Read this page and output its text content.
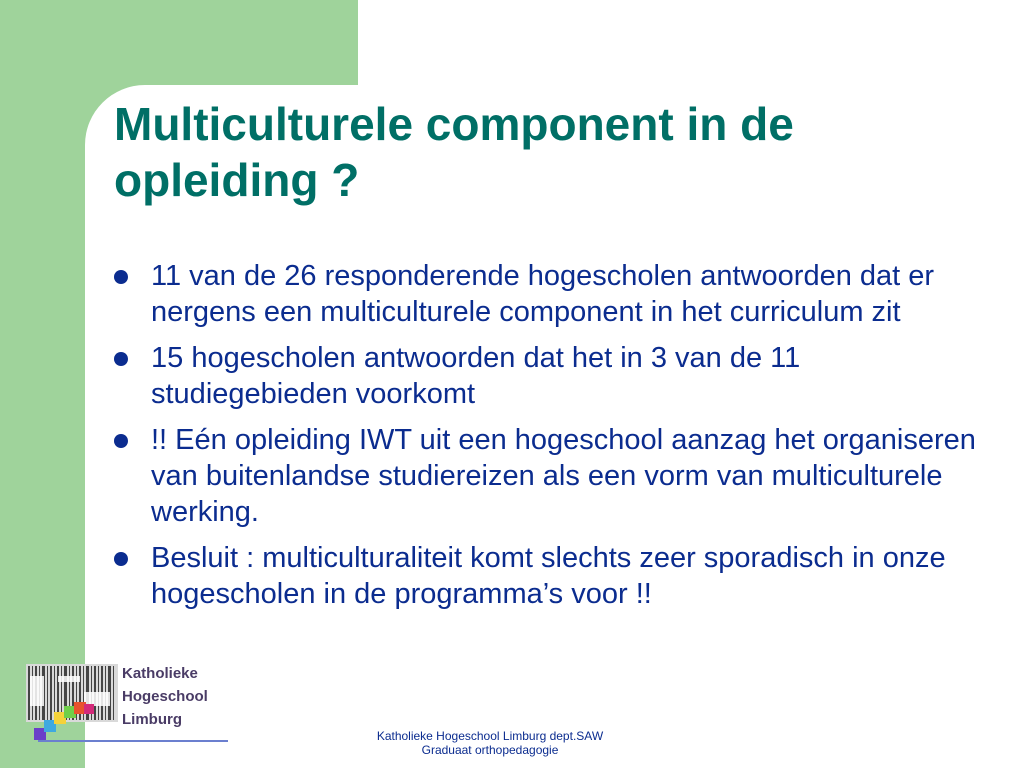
Multiculturele component in de opleiding ?
11 van de 26 responderende hogescholen antwoorden dat er nergens een multiculturele component in het curriculum zit
15 hogescholen antwoorden dat het in 3 van de 11 studiegebieden voorkomt
!! Eén opleiding IWT uit een hogeschool aanzag het organiseren van buitenlandse studiereizen als een vorm van multiculturele werking.
Besluit : multiculturaliteit komt slechts zeer sporadisch in onze hogescholen in de programma’s voor !!
Katholieke
Hogeschool
Limburg
Katholieke Hogeschool Limburg dept.SAW
Graduaat orthopedagogie
